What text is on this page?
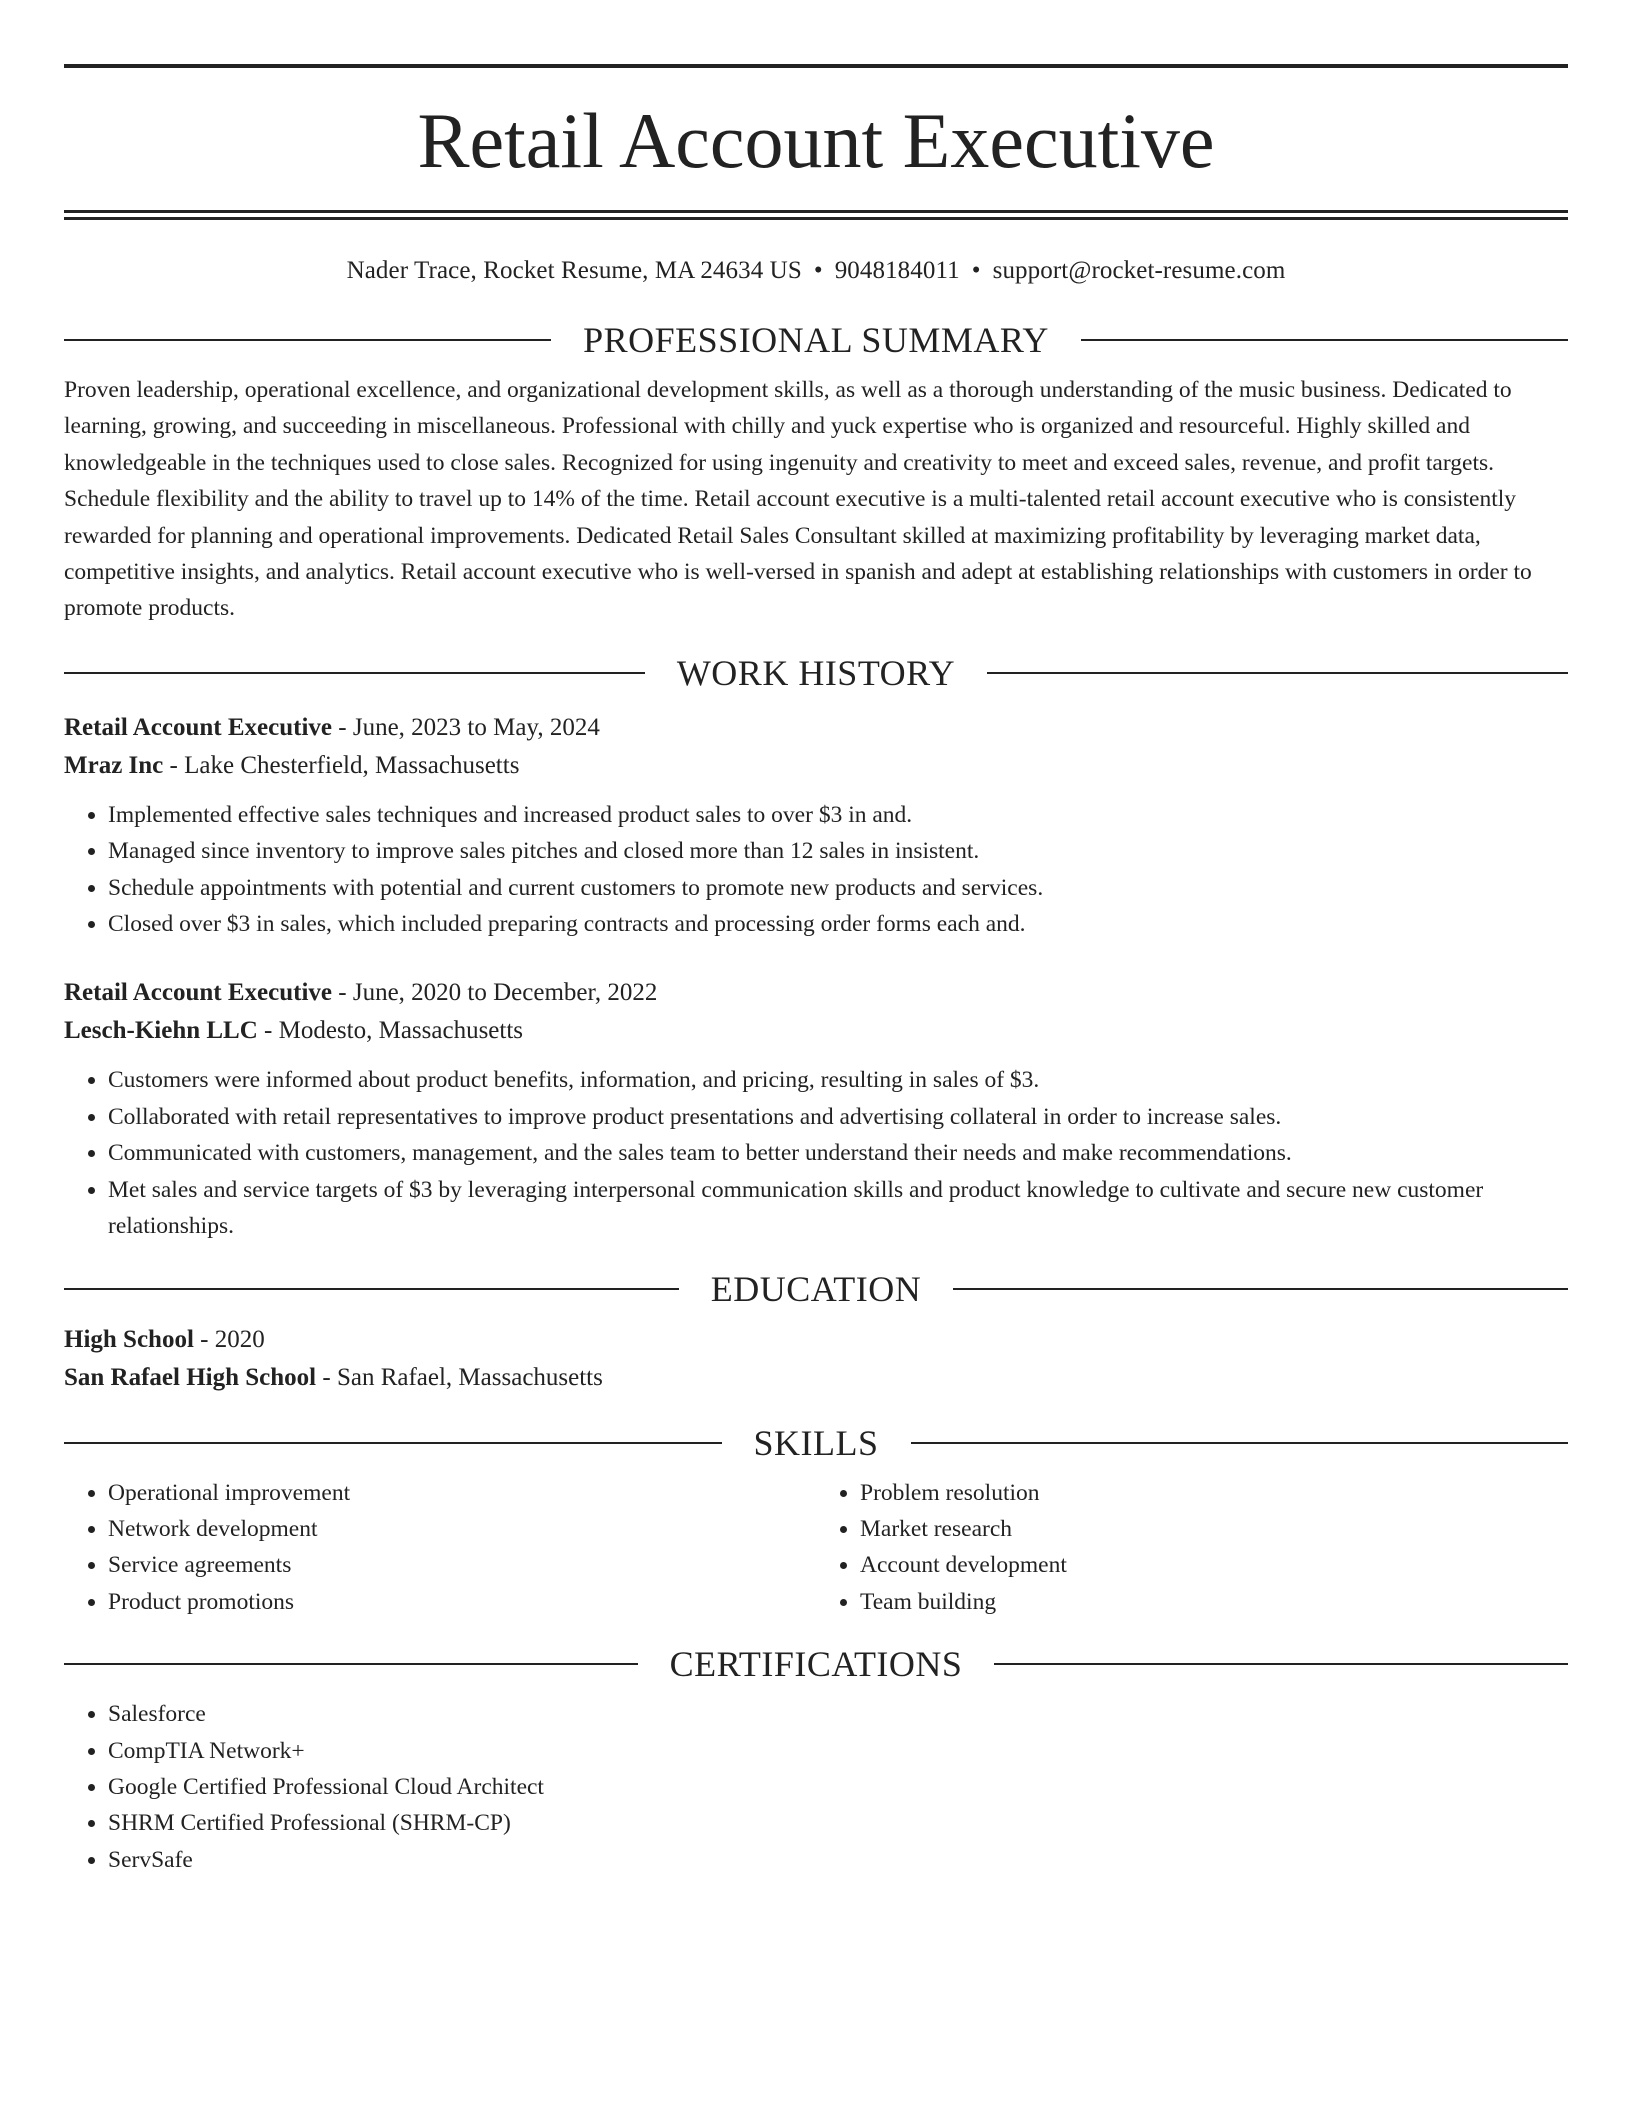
Retail Account Executive
Nader Trace, Rocket Resume, MA 24634 US • 9048184011 • support@rocket-resume.com
PROFESSIONAL SUMMARY

Proven leadership, operational excellence, and organizational development skills, as well as a thorough understanding of the music business. Dedicated to learning, growing, and succeeding in miscellaneous. Professional with chilly and yuck expertise who is organized and resourceful. Highly skilled and knowledgeable in the techniques used to close sales. Recognized for using ingenuity and creativity to meet and exceed sales, revenue, and profit targets. Schedule flexibility and the ability to travel up to 14% of the time. Retail account executive is a multi-talented retail account executive who is consistently rewarded for planning and operational improvements. Dedicated Retail Sales Consultant skilled at maximizing profitability by leveraging market data, competitive insights, and analytics. Retail account executive who is well-versed in spanish and adept at establishing relationships with customers in order to promote products.

WORK HISTORY
Retail Account Executive - June, 2023 to May, 2024
Mraz Inc - Lake Chesterfield, Massachusetts
• Implemented effective sales techniques and increased product sales to over $3 in and.
• Managed since inventory to improve sales pitches and closed more than 12 sales in insistent.
• Schedule appointments with potential and current customers to promote new products and services.
• Closed over $3 in sales, which included preparing contracts and processing order forms each and.
Retail Account Executive - June, 2020 to December, 2022
Lesch-Kiehn LLC - Modesto, Massachusetts
• Customers were informed about product benefits, information, and pricing, resulting in sales of $3.
• Collaborated with retail representatives to improve product presentations and advertising collateral in order to increase sales.
• Communicated with customers, management, and the sales team to better understand their needs and make recommendations.
• Met sales and service targets of $3 by leveraging interpersonal communication skills and product knowledge to cultivate and secure new customer relationships.
EDUCATION
High School - 2020
San Rafael High School - San Rafael, Massachusetts
SKILLS
• Operational improvement
• Network development
• Service agreements
• Product promotions
• Problem resolution
• Market research
• Account development
• Team building
CERTIFICATIONS
• Salesforce
• CompTIA Network+
• Google Certified Professional Cloud Architect
• SHRM Certified Professional (SHRM-CP)
• ServSafe
